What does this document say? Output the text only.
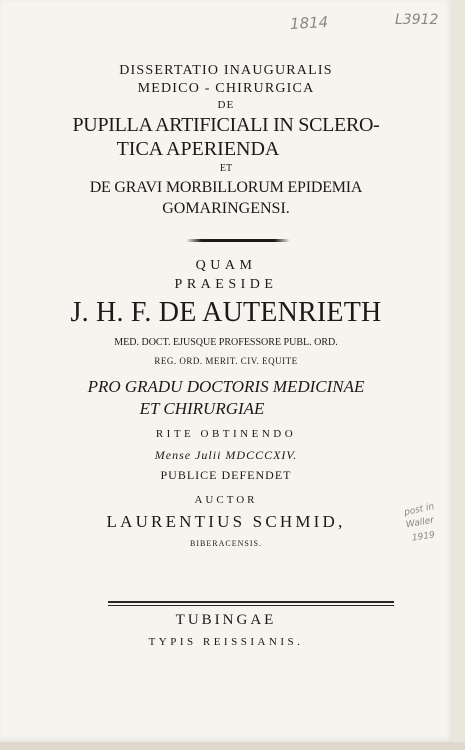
1814	L3912
DISSERTATIO INAUGURALIS
MEDICO - CHIRURGICA
DE
PUPILLA ARTIFICIALI IN SCLERO-
TICA APERIENDA
ET
DE GRAVI MORBILLORUM EPIDEMIA
GOMARINGENSI.
QUAM
PRAESIDE
J. H. F. DE AUTENRIETH
MED. DOCT. EJUSQUE PROFESSORE PUBL. ORD.
REG. ORD. MERIT. CIV. EQUITE
PRO GRADU DOCTORIS MEDICINAE
ET CHIRURGIAE
RITE OBTINENDO
Mense Julii MDCCCXIV.
PUBLICE DEFENDET
AUCTOR
LAURENTIUS SCHMID,
BIBERACENSIS.
post in
Waller
1919
TUBINGAE
TYPIS REISSIANIS.
